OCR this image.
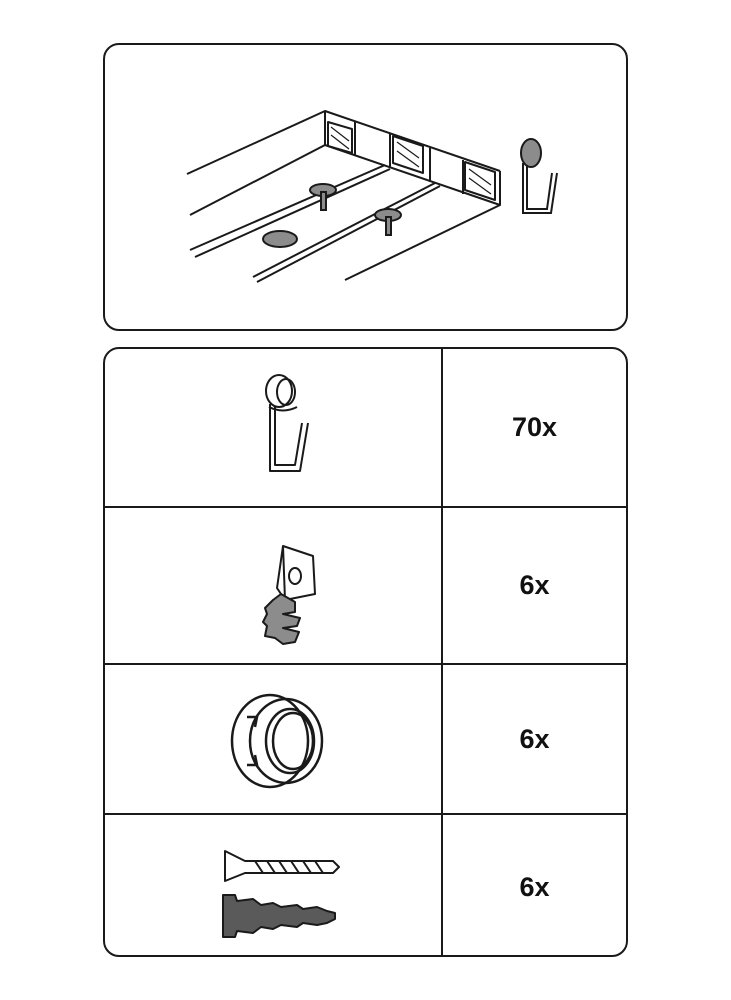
70x
6x
6x
6x
